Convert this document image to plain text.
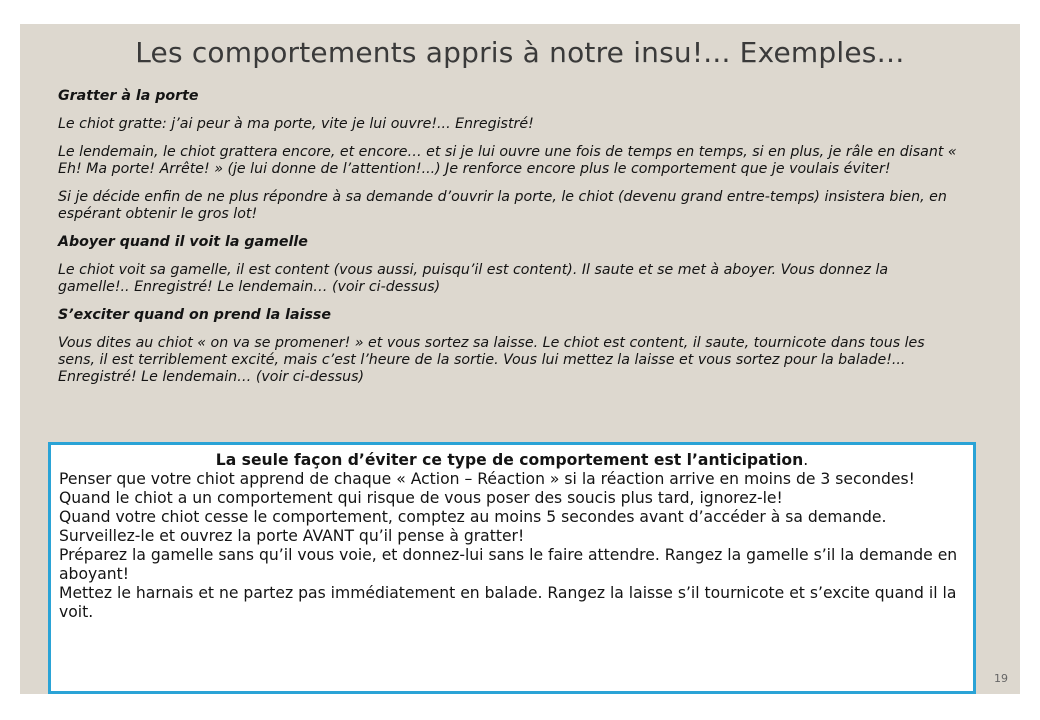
Les comportements appris à notre insu!... Exemples…

Gratter à la porte

Le chiot gratte: j’ai peur à ma porte, vite je lui ouvre!... Enregistré!

Le lendemain, le chiot grattera encore, et encore… et si je lui ouvre une fois de temps en temps, si en plus, je râle en disant « Eh! Ma porte! Arrête! » (je lui donne de l’attention!...) Je renforce encore plus le comportement que je voulais éviter!

Si je décide enfin de ne plus répondre à sa demande d’ouvrir la porte, le chiot (devenu grand entre-temps) insistera bien, en espérant obtenir le gros lot!

Aboyer quand il voit la gamelle

Le chiot voit sa gamelle, il est content (vous aussi, puisqu’il est content). Il saute et se met à aboyer. Vous donnez la gamelle!.. Enregistré! Le lendemain… (voir ci-dessus)

S’exciter quand on prend la laisse

Vous dites au chiot « on va se promener! » et vous sortez sa laisse. Le chiot est content, il saute, tournicote dans tous les sens, il est terriblement excité, mais c’est l’heure de la sortie. Vous lui mettez la laisse et vous sortez pour la balade!... Enregistré! Le lendemain… (voir ci-dessus)

La seule façon d’éviter ce type de comportement est l’anticipation.

Penser que votre chiot apprend de chaque « Action – Réaction » si la réaction arrive en moins de 3 secondes! Quand le chiot a un comportement qui risque de vous poser des soucis plus tard, ignorez-le!

Quand votre chiot cesse le comportement, comptez au moins 5 secondes avant d’accéder à sa demande.

Surveillez-le et ouvrez la porte AVANT qu’il pense à gratter!

Préparez la gamelle sans qu’il vous voie, et donnez-lui sans le faire attendre. Rangez la gamelle s’il la demande en aboyant!

Mettez le harnais et ne partez pas immédiatement en balade. Rangez la laisse s’il tournicote et s’excite quand il la voit.

19
